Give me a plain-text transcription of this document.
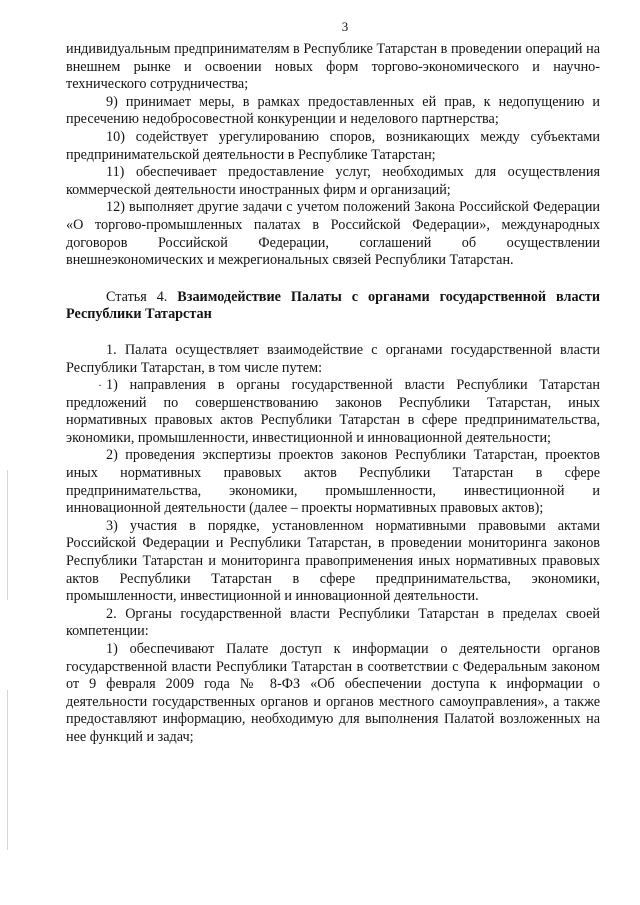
3

индивидуальным предпринимателям в Республике Татарстан в проведении операций на внешнем рынке и освоении новых форм торгово-экономического и научно-технического сотрудничества;

9) принимает меры, в рамках предоставленных ей прав, к недопущению и пресечению недобросовестной конкуренции и неделового партнерства;

10) содействует урегулированию споров, возникающих между субъектами предпринимательской деятельности в Республике Татарстан;

11) обеспечивает предоставление услуг, необходимых для осуществления коммерческой деятельности иностранных фирм и организаций;

12) выполняет другие задачи с учетом положений Закона Российской Федерации «О торгово-промышленных палатах в Российской Федерации», международных договоров Российской Федерации, соглашений об осуществлении внешнеэкономических и межрегиональных связей Республики Татарстан.

Статья 4. Взаимодействие Палаты с органами государственной власти Республики Татарстан

1. Палата осуществляет взаимодействие с органами государственной власти Республики Татарстан, в том числе путем:

· 1) направления в органы государственной власти Республики Татарстан предложений по совершенствованию законов Республики Татарстан, иных нормативных правовых актов Республики Татарстан в сфере предпринимательства, экономики, промышленности, инвестиционной и инновационной деятельности;

2) проведения экспертизы проектов законов Республики Татарстан, проектов иных нормативных правовых актов Республики Татарстан в сфере предпринимательства, экономики, промышленности, инвестиционной и инновационной деятельности (далее – проекты нормативных правовых актов);

3) участия в порядке, установленном нормативными правовыми актами Российской Федерации и Республики Татарстан, в проведении мониторинга законов Республики Татарстан и мониторинга правоприменения иных нормативных правовых актов Республики Татарстан в сфере предпринимательства, экономики, промышленности, инвестиционной и инновационной деятельности.

2. Органы государственной власти Республики Татарстан в пределах своей компетенции:

1) обеспечивают Палате доступ к информации о деятельности органов государственной власти Республики Татарстан в соответствии с Федеральным законом от 9 февраля 2009 года № 8-ФЗ «Об обеспечении доступа к информации о деятельности государственных органов и органов местного самоуправления», а также предоставляют информацию, необходимую для выполнения Палатой возложенных на нее функций и задач;
